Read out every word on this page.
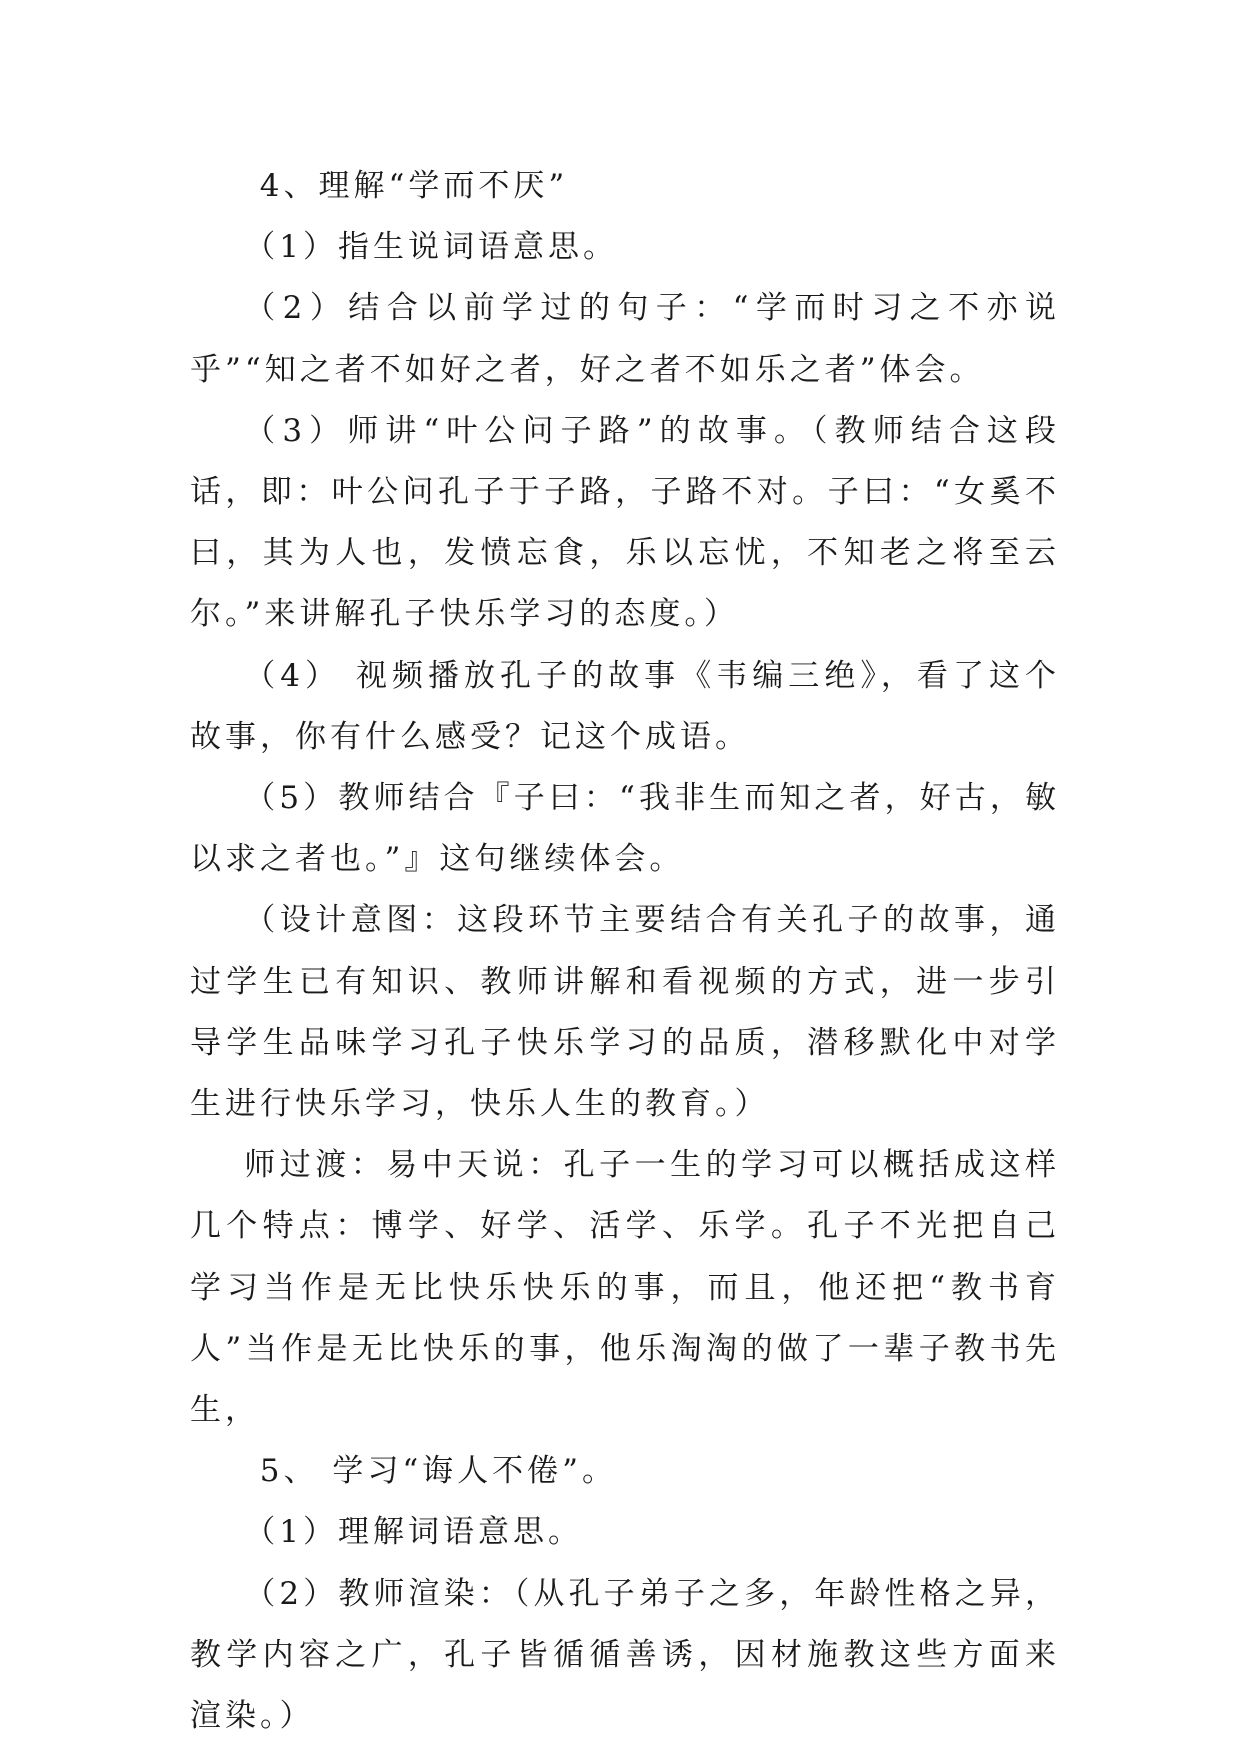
4、理解“学而不厌”

（1）指生说词语意思。

（2）结合以前学过的句子：“学而时习之不亦说乎”“知之者不如好之者，好之者不如乐之者”体会。

（3）师讲“叶公问子路”的故事。（教师结合这段话，即：叶公问孔子于子路，子路不对。子曰：“女奚不曰，其为人也，发愤忘食，乐以忘忧，不知老之将至云尔。”来讲解孔子快乐学习的态度。）

（4） 视频播放孔子的故事《韦编三绝》，看了这个故事，你有什么感受？记这个成语。

（5）教师结合『子曰：“我非生而知之者，好古，敏以求之者也。”』这句继续体会。

（设计意图：这段环节主要结合有关孔子的故事，通过学生已有知识、教师讲解和看视频的方式，进一步引导学生品味学习孔子快乐学习的品质，潜移默化中对学生进行快乐学习，快乐人生的教育。）

师过渡：易中天说：孔子一生的学习可以概括成这样几个特点：博学、好学、活学、乐学。孔子不光把自己学习当作是无比快乐快乐的事，而且，他还把“教书育人”当作是无比快乐的事，他乐淘淘的做了一辈子教书先生，

5、 学习“诲人不倦”。

（1）理解词语意思。

（2）教师渲染：（从孔子弟子之多，年龄性格之异，教学内容之广，孔子皆循循善诱，因材施教这些方面来渲染。）
